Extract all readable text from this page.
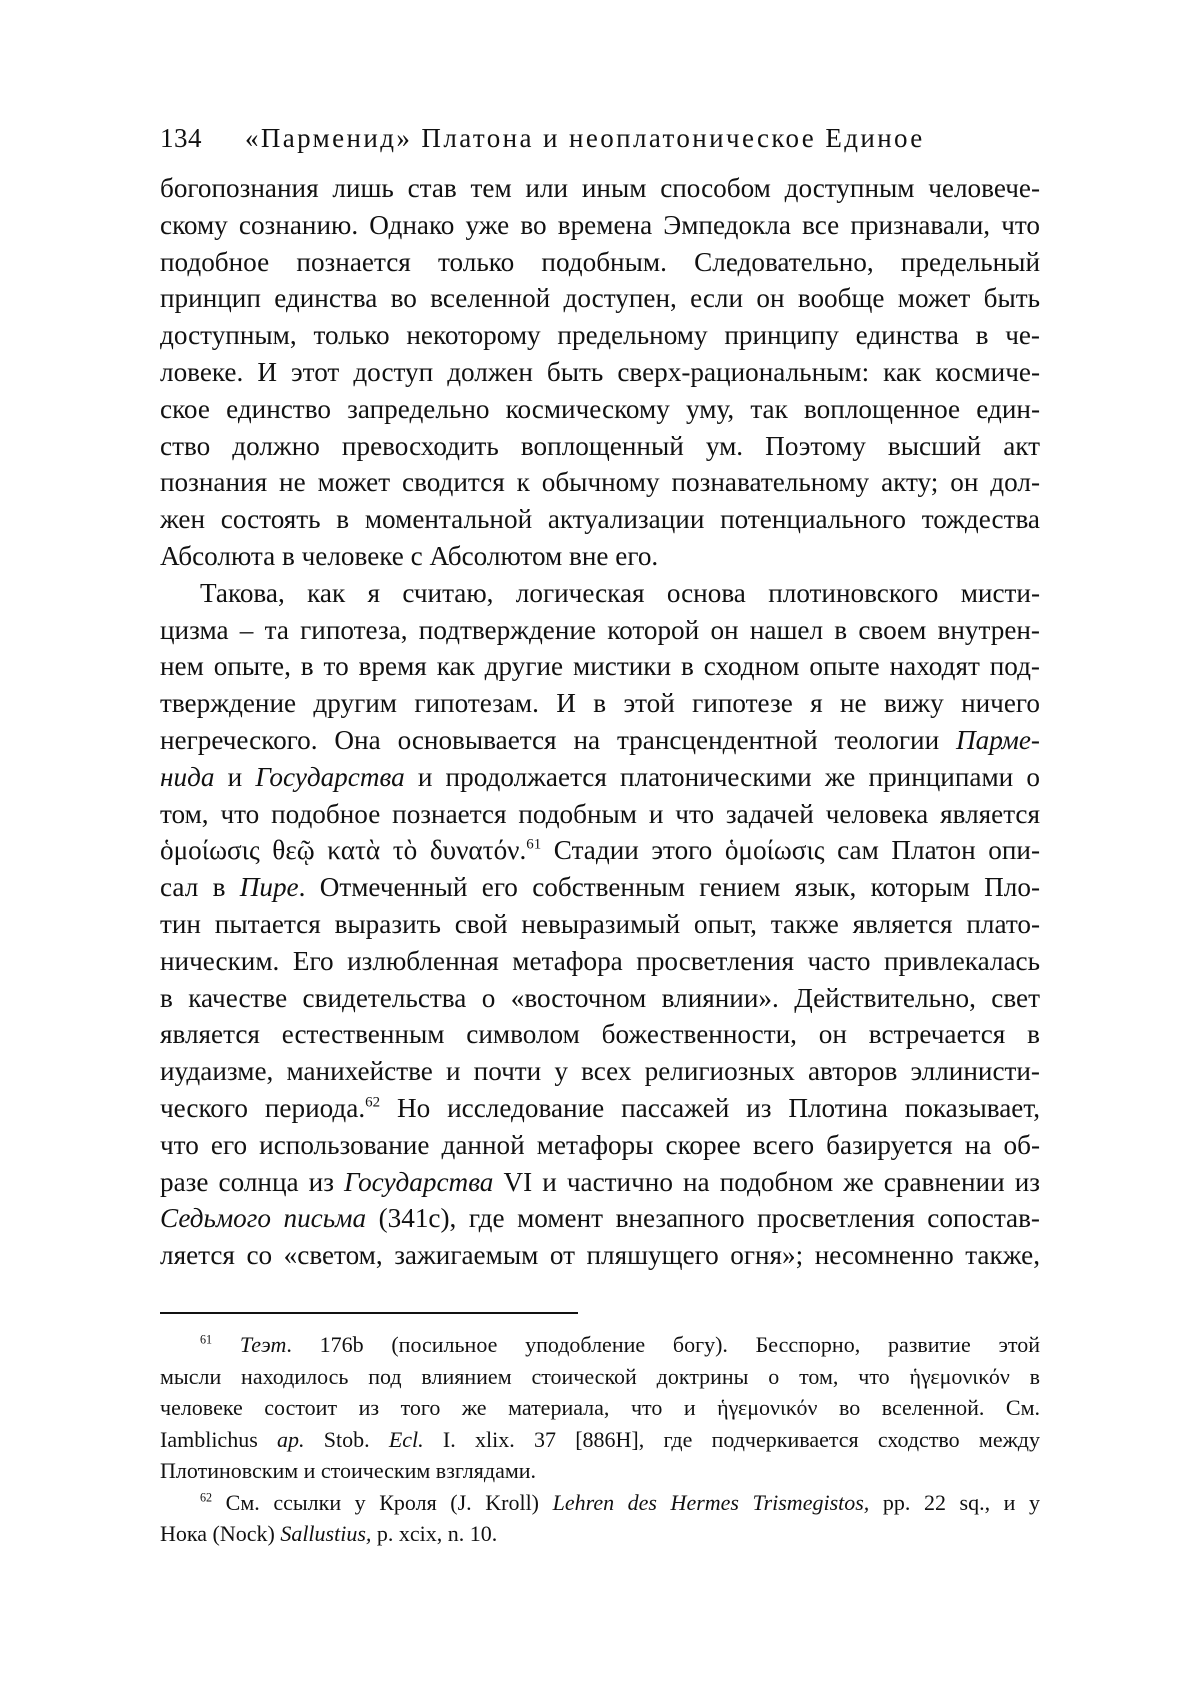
134 «Парменид» Платона и неоплатоническое Единое
богопознания лишь став тем или иным способом доступным человече-
скому сознанию. Однако уже во времена Эмпедокла все признавали, что
подобное познается только подобным. Следовательно, предельный
принцип единства во вселенной доступен, если он вообще может быть
доступным, только некоторому предельному принципу единства в че-
ловеке. И этот доступ должен быть сверх-рациональным: как космиче-
ское единство запредельно космическому уму, так воплощенное един-
ство должно превосходить воплощенный ум. Поэтому высший акт
познания не может сводится к обычному познавательному акту; он дол-
жен состоять в моментальной актуализации потенциального тождества
Абсолюта в человеке с Абсолютом вне его.
Такова, как я считаю, логическая основа плотиновского мисти-
цизма – та гипотеза, подтверждение которой он нашел в своем внутрен-
нем опыте, в то время как другие мистики в сходном опыте находят под-
тверждение другим гипотезам. И в этой гипотезе я не вижу ничего
негреческого. Она основывается на трансцендентной теологии Парме-
нида и Государства и продолжается платоническими же принципами о
том, что подобное познается подобным и что задачей человека является
ὁμοίωσις θεῷ κατὰ τὸ δυνατόν.$^{61}$ Стадии этого ὁμοίωσις сам Платон опи-
сал в Пире. Отмеченный его собственным гением язык, которым Пло-
тин пытается выразить свой невыразимый опыт, также является плато-
ническим. Его излюбленная метафора просветления часто привлекалась
в качестве свидетельства о «восточном влиянии». Действительно, свет
является естественным символом божественности, он встречается в
иудаизме, манихействе и почти у всех религиозных авторов эллинисти-
ческого периода.$^{62}$ Но исследование пассажей из Плотина показывает,
что его использование данной метафоры скорее всего базируется на об-
разе солнца из Государства VI и частично на подобном же сравнении из
Седьмого письма (341c), где момент внезапного просветления сопостав-
ляется со «светом, зажигаемым от пляшущего огня»; несомненно также,
$^{61}$ Теэт. 176b (посильное уподобление богу). Бесспорно, развитие этой
мысли находилось под влиянием стоической доктрины о том, что ἡγεμονικόν в
человеке состоит из того же материала, что и ἡγεμονικόν во вселенной. См.
Iamblichus ap. Stob. Ecl. I. xlix. 37 [886H], где подчеркивается сходство между
Плотиновским и стоическим взглядами.
$^{62}$ См. ссылки у Кроля (J. Kroll) Lehren des Hermes Trismegistos, pp. 22 sq., и у
Нока (Nock) Sallustius, p. xcix, n. 10.
